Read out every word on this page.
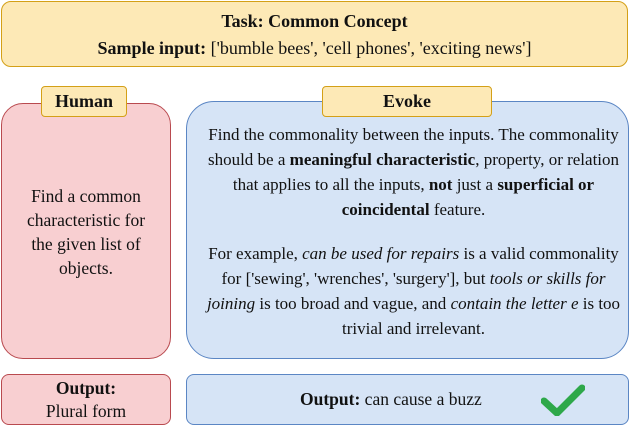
Task: Common Concept
Sample input: ['bumble bees', 'cell phones', 'exciting news']
Find a common
characteristic for
the given list of
objects.
Human
Find the commonality between the inputs. The commonality should be a meaningful characteristic, property, or relation that applies to all the inputs, not just a superficial or coincidental feature.
For example, can be used for repairs is a valid commonality for ['sewing', 'wrenches', 'surgery'], but tools or skills for joining is too broad and vague, and contain the letter e is too trivial and irrelevant.
Evoke
Output:
Plural form
Output: can cause a buzz
